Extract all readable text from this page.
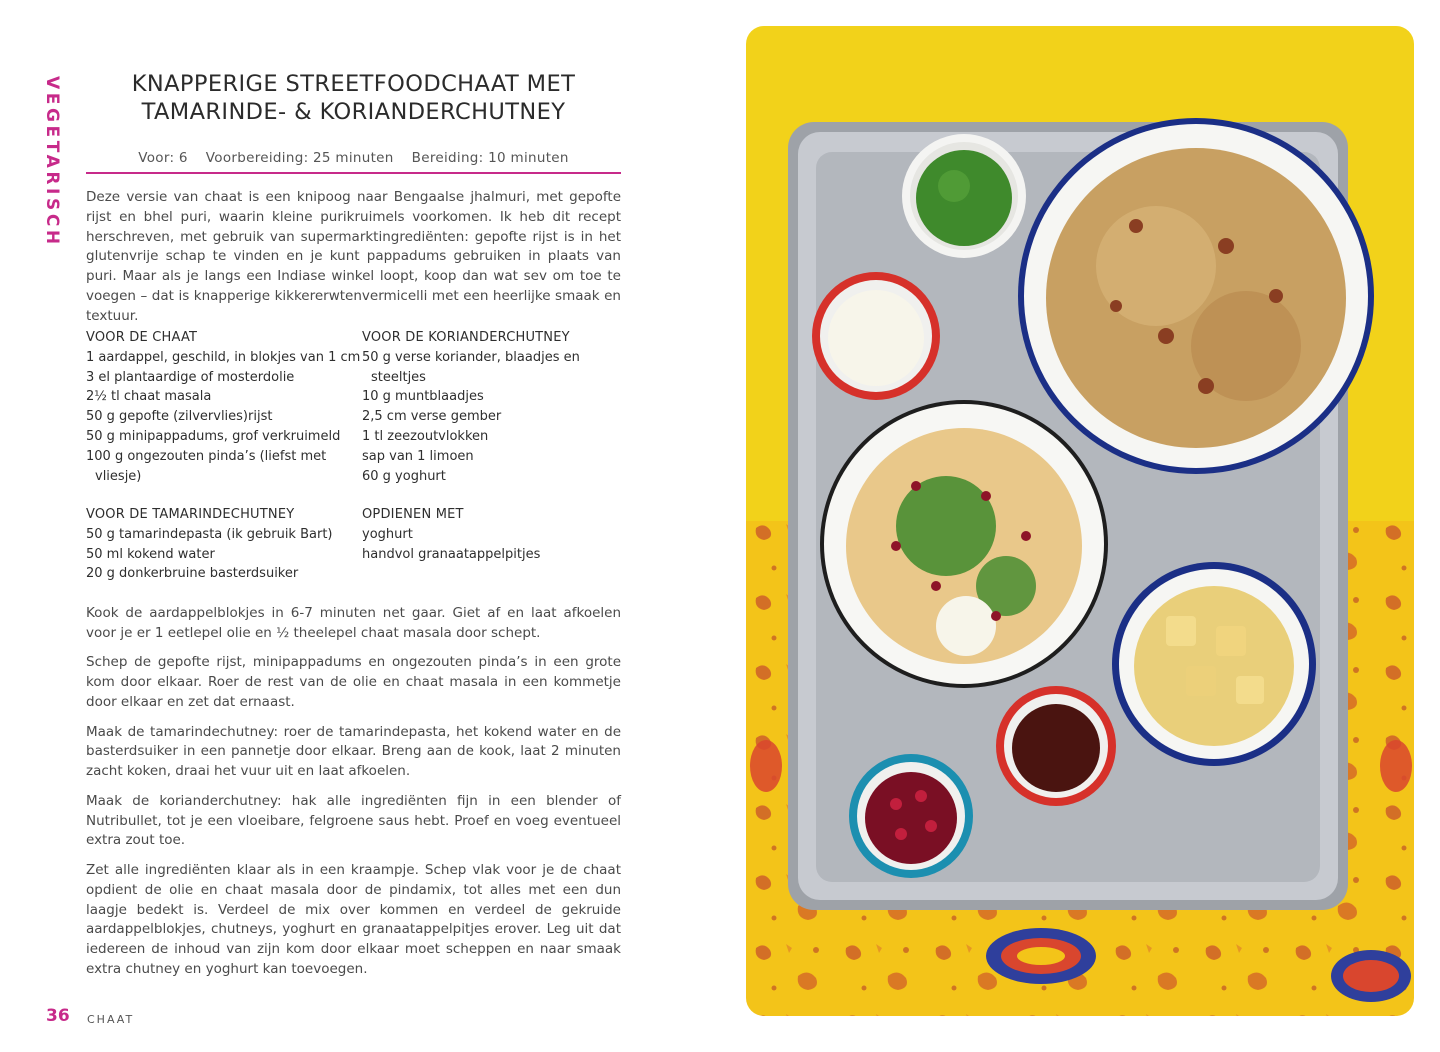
VEGETARISCH	KNAPPERIGE STREETFOODCHAAT MET
TAMARINDE- & KORIANDERCHUTNEY
Voor: 6 Voorbereiding: 25 minuten Bereiding: 10 minuten
Deze versie van chaat is een knipoog naar Bengaalse jhalmuri, met gepofte rijst en bhel puri, waarin kleine purikruimels voorkomen. Ik heb dit recept herschreven, met gebruik van supermarktingrediënten: gepofte rijst is in het glutenvrije schap te vinden en je kunt pappadums gebruiken in plaats van puri. Maar als je langs een Indiase winkel loopt, koop dan wat sev om toe te voegen – dat is knapperige kikkererwtenvermicelli met een heerlijke smaak en textuur.
VOOR DE CHAAT
1 aardappel, geschild, in blokjes van 1 cm
3 el plantaardige of mosterdolie
2½ tl chaat masala
50 g gepofte (zilvervlies)rijst
50 g minipappadums, grof verkruimeld
100 g ongezouten pinda’s (liefst met
vliesje)
VOOR DE KORIANDERCHUTNEY
50 g verse koriander, blaadjes en
steeltjes
10 g muntblaadjes
2,5 cm verse gember
1 tl zeezoutvlokken
sap van 1 limoen
60 g yoghurt
VOOR DE TAMARINDECHUTNEY
50 g tamarindepasta (ik gebruik Bart)
50 ml kokend water
20 g donkerbruine basterdsuiker
OPDIENEN MET
yoghurt
handvol granaatappelpitjes

Kook de aardappelblokjes in 6-7 minuten net gaar. Giet af en laat afkoelen voor je er 1 eetlepel olie en ½ theelepel chaat masala door schept.

Schep de gepofte rijst, minipappadums en ongezouten pinda’s in een grote kom door elkaar. Roer de rest van de olie en chaat masala in een kommetje door elkaar en zet dat ernaast.

Maak de tamarindechutney: roer de tamarindepasta, het kokend water en de basterdsuiker in een pannetje door elkaar. Breng aan de kook, laat 2 minuten zacht koken, draai het vuur uit en laat afkoelen.

Maak de korianderchutney: hak alle ingrediënten fijn in een blender of Nutribullet, tot je een vloeibare, felgroene saus hebt. Proef en voeg eventueel extra zout toe.

Zet alle ingrediënten klaar als in een kraampje. Schep vlak voor je de chaat opdient de olie en chaat masala door de pindamix, tot alles met een dun laagje bedekt is. Verdeel de mix over kommen en verdeel de gekruide aardappelblokjes, chutneys, yoghurt en granaatappelpitjes erover. Leg uit dat iedereen de inhoud van zijn kom door elkaar moet scheppen en naar smaak extra chutney en yoghurt kan toevoegen.

36 CHAAT
